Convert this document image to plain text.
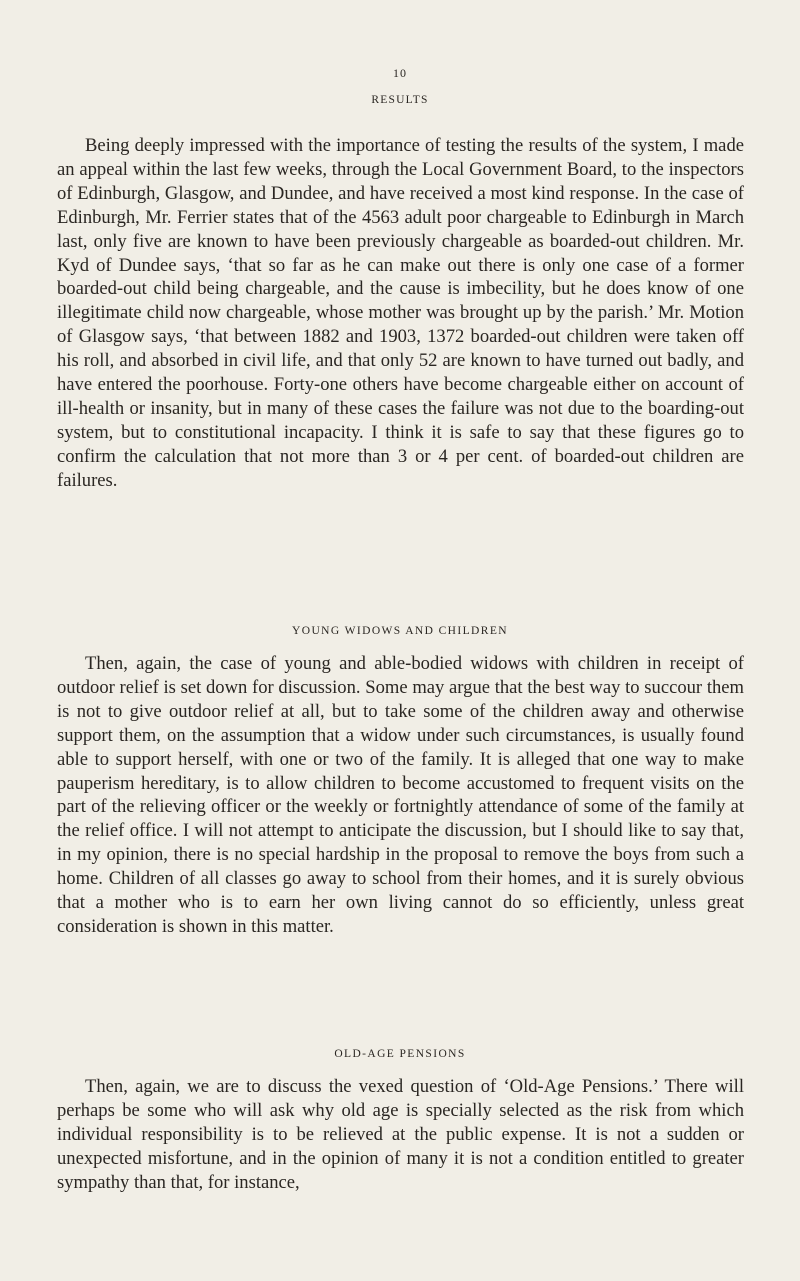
10
RESULTS

Being deeply impressed with the importance of testing the results of the system, I made an appeal within the last few weeks, through the Local Government Board, to the inspectors of Edinburgh, Glasgow, and Dundee, and have received a most kind response. In the case of Edinburgh, Mr. Ferrier states that of the 4563 adult poor chargeable to Edinburgh in March last, only five are known to have been previously chargeable as boarded-out children. Mr. Kyd of Dundee says, ‘that so far as he can make out there is only one case of a former boarded-out child being chargeable, and the cause is imbecility, but he does know of one illegitimate child now chargeable, whose mother was brought up by the parish.’ Mr. Motion of Glasgow says, ‘that between 1882 and 1903, 1372 boarded-out children were taken off his roll, and absorbed in civil life, and that only 52 are known to have turned out badly, and have entered the poorhouse. Forty-one others have become chargeable either on account of ill-health or insanity, but in many of these cases the failure was not due to the boarding-out system, but to constitutional incapacity. I think it is safe to say that these figures go to confirm the calculation that not more than 3 or 4 per cent. of boarded-out children are failures.

YOUNG WIDOWS AND CHILDREN

Then, again, the case of young and able-bodied widows with children in receipt of outdoor relief is set down for discussion. Some may argue that the best way to succour them is not to give outdoor relief at all, but to take some of the children away and otherwise support them, on the assumption that a widow under such circumstances, is usually found able to support herself, with one or two of the family. It is alleged that one way to make pauperism hereditary, is to allow children to become accustomed to frequent visits on the part of the relieving officer or the weekly or fortnightly attendance of some of the family at the relief office. I will not attempt to anticipate the discussion, but I should like to say that, in my opinion, there is no special hardship in the proposal to remove the boys from such a home. Children of all classes go away to school from their homes, and it is surely obvious that a mother who is to earn her own living cannot do so efficiently, unless great consideration is shown in this matter.

OLD-AGE PENSIONS

Then, again, we are to discuss the vexed question of ‘Old-Age Pensions.’ There will perhaps be some who will ask why old age is specially selected as the risk from which individual responsibility is to be relieved at the public expense. It is not a sudden or unexpected misfortune, and in the opinion of many it is not a condition entitled to greater sympathy than that, for instance,
